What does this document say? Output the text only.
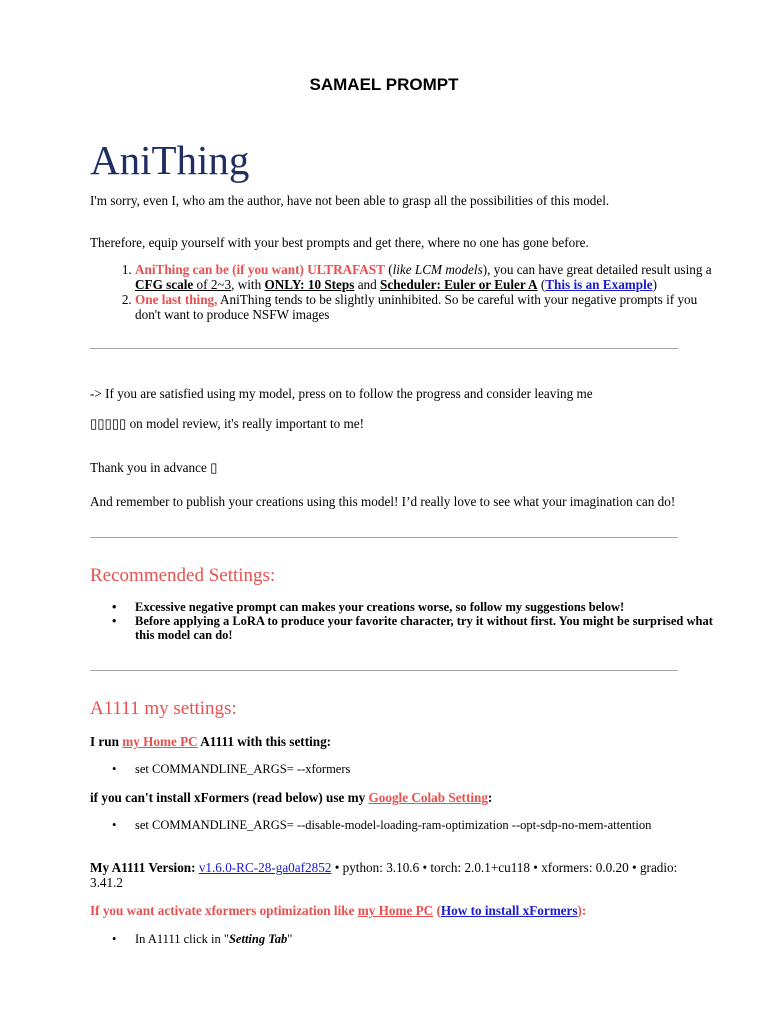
SAMAEL PROMPT
AniThing

I'm sorry, even I, who am the author, have not been able to grasp all the possibilities of this model.

Therefore, equip yourself with your best prompts and get there, where no one has gone before.

1. AniThing can be (if you want) ULTRAFAST (like LCM models), you can have great detailed result using a CFG scale of 2~3, with ONLY: 10 Steps and Scheduler: Euler or Euler A (This is an Example)
2. One last thing, AniThing tends to be slightly uninhibited. So be careful with your negative prompts if you don't want to produce NSFW images

-> If you are satisfied using my model, press on to follow the progress and consider leaving me

▯▯▯▯▯ on model review, it's really important to me!

Thank you in advance ▯

And remember to publish your creations using this model! I’d really love to see what your imagination can do!

Recommended Settings:
• Excessive negative prompt can makes your creations worse, so follow my suggestions below!
• Before applying a LoRA to produce your favorite character, try it without first. You might be surprised what this model can do!
A1111 my settings:

I run my Home PC A1111 with this setting:

• set COMMANDLINE_ARGS= --xformers

if you can't install xFormers (read below) use my Google Colab Setting:

• set COMMANDLINE_ARGS= --disable-model-loading-ram-optimization --opt-sdp-no-mem-attention

My A1111 Version: v1.6.0-RC-28-ga0af2852 • python: 3.10.6 • torch: 2.0.1+cu118 • xformers: 0.0.20 • gradio: 3.41.2

If you want activate xformers optimization like my Home PC (How to install xFormers):

• In A1111 click in "Setting Tab"
